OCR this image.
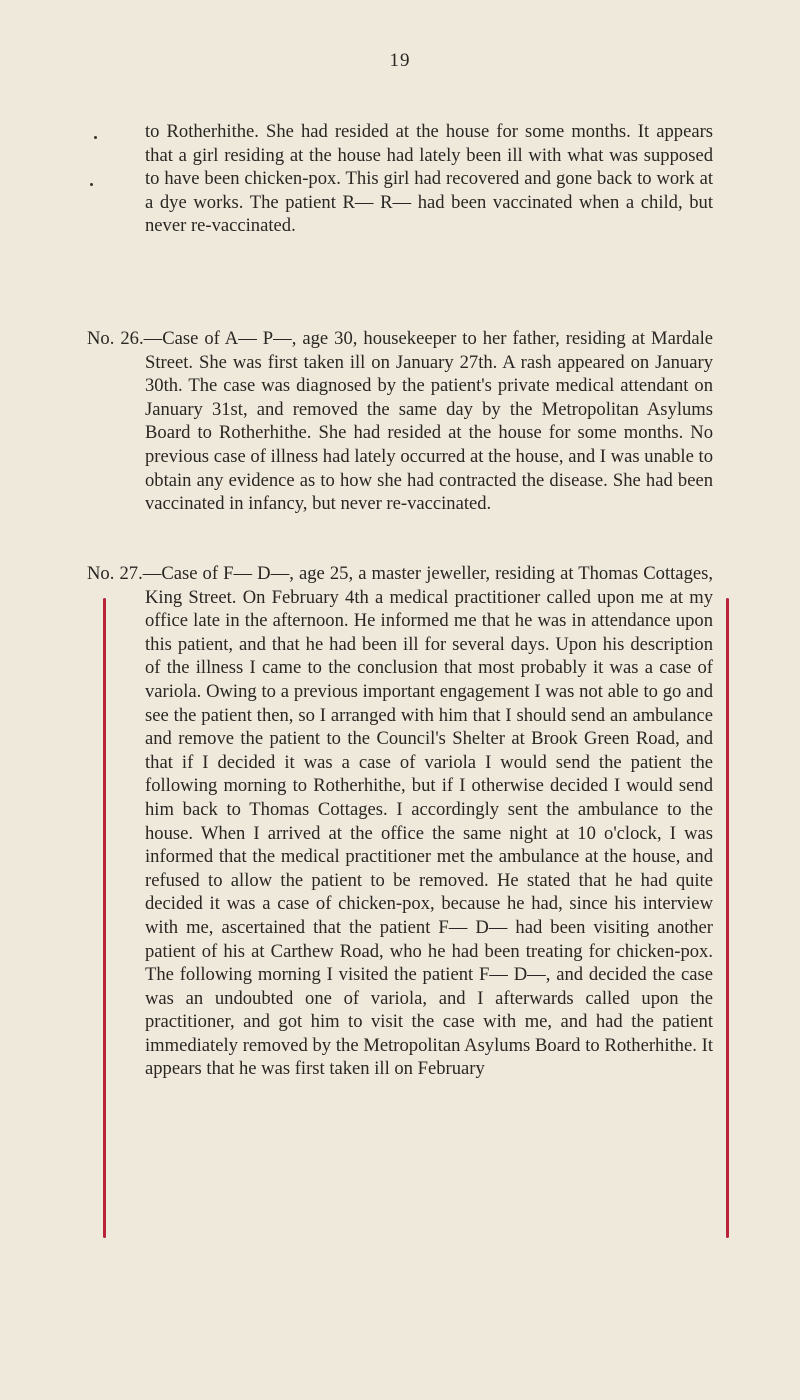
19

to Rotherhithe. She had resided at the house for some months. It appears that a girl residing at the house had lately been ill with what was supposed to have been chicken-pox. This girl had recovered and gone back to work at a dye works. The patient R— R— had been vaccinated when a child, but never re-vaccinated.

No. 26.—Case of A— P—, age 30, housekeeper to her father, residing at Mardale Street. She was first taken ill on January 27th. A rash appeared on January 30th. The case was diagnosed by the patient's private medical attendant on January 31st, and removed the same day by the Metropolitan Asylums Board to Rotherhithe. She had resided at the house for some months. No previous case of illness had lately occurred at the house, and I was unable to obtain any evidence as to how she had contracted the disease. She had been vaccinated in infancy, but never re-vaccinated.

No. 27.—Case of F— D—, age 25, a master jeweller, residing at Thomas Cottages, King Street. On February 4th a medical practitioner called upon me at my office late in the afternoon. He informed me that he was in attendance upon this patient, and that he had been ill for several days. Upon his description of the illness I came to the conclusion that most probably it was a case of variola. Owing to a previous important engagement I was not able to go and see the patient then, so I arranged with him that I should send an ambulance and remove the patient to the Council's Shelter at Brook Green Road, and that if I decided it was a case of variola I would send the patient the following morning to Rotherhithe, but if I otherwise decided I would send him back to Thomas Cottages. I accordingly sent the ambulance to the house. When I arrived at the office the same night at 10 o'clock, I was informed that the medical practitioner met the ambulance at the house, and refused to allow the patient to be removed. He stated that he had quite decided it was a case of chicken-pox, because he had, since his interview with me, ascertained that the patient F— D— had been visiting another patient of his at Carthew Road, who he had been treating for chicken-pox. The following morning I visited the patient F— D—, and decided the case was an undoubted one of variola, and I afterwards called upon the practitioner, and got him to visit the case with me, and had the patient immediately removed by the Metropolitan Asylums Board to Rotherhithe. It appears that he was first taken ill on February
